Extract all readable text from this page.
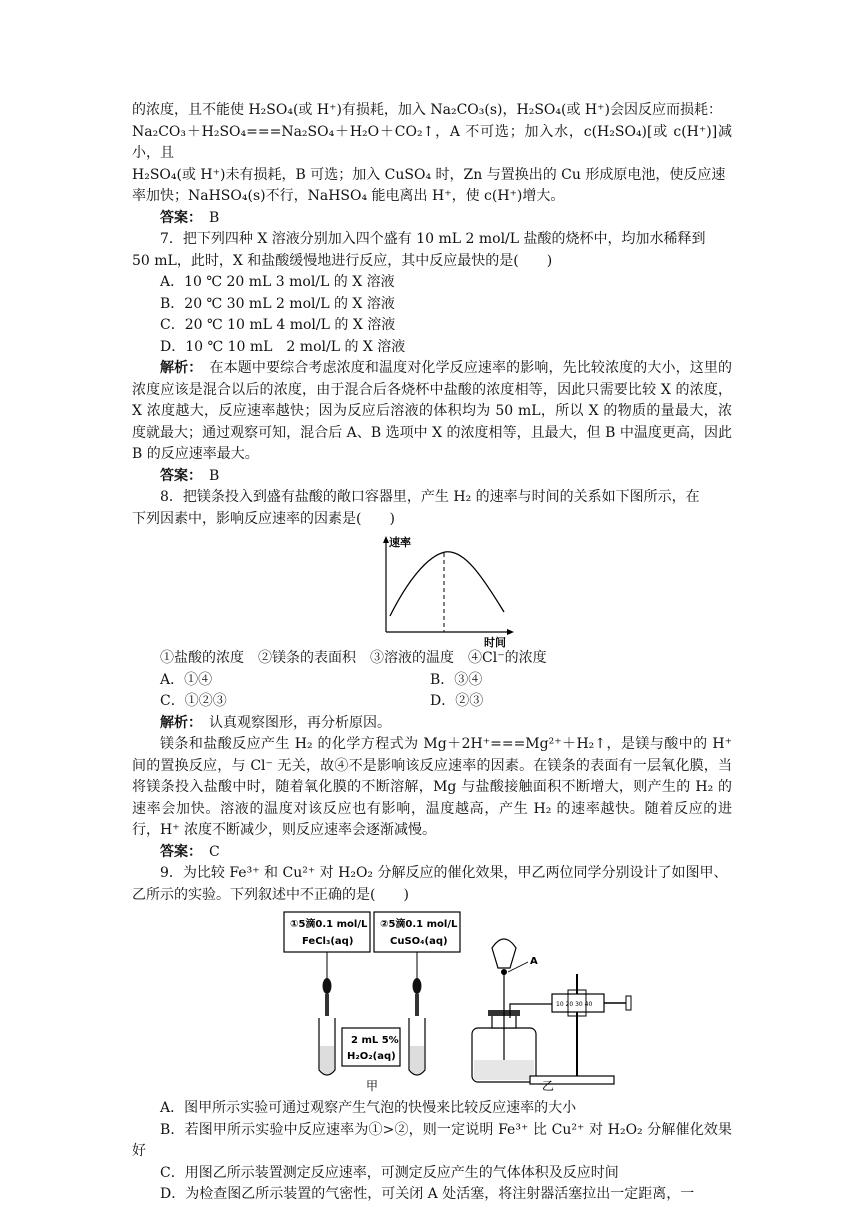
的浓度，且不能使 H₂SO₄(或 H⁺)有损耗，加入 Na₂CO₃(s)，H₂SO₄(或 H⁺)会因反应而损耗：

Na₂CO₃＋H₂SO₄===Na₂SO₄＋H₂O＋CO₂↑，A 不可选；加入水，c(H₂SO₄)[或 c(H⁺)]减小，且

H₂SO₄(或 H⁺)未有损耗，B 可选；加入 CuSO₄ 时，Zn 与置换出的 Cu 形成原电池，使反应速

率加快；NaHSO₄(s)不行，NaHSO₄ 能电离出 H⁺，使 c(H⁺)增大。

答案：　 B

7．把下列四种 X 溶液分别加入四个盛有 10 mL 2 mol/L 盐酸的烧杯中，均加水稀释到

50 mL，此时，X 和盐酸缓慢地进行反应，其中反应最快的是(　　)

A．10 ℃ 20 mL 3 mol/L 的 X 溶液

B．20 ℃ 30 mL 2 mol/L 的 X 溶液

C．20 ℃ 10 mL 4 mol/L 的 X 溶液

D．10 ℃ 10 mL　2 mol/L 的 X 溶液

解析：　 在本题中要综合考虑浓度和温度对化学反应速率的影响，先比较浓度的大小，这里的浓度应该是混合以后的浓度，由于混合后各烧杯中盐酸的浓度相等，因此只需要比较 X 的浓度，X 浓度越大，反应速率越快；因为反应后溶液的体积均为 50 mL，所以 X 的物质的量最大，浓度就最大；通过观察可知，混合后 A、B 选项中 X 的浓度相等，且最大，但 B 中温度更高，因此 B 的反应速率最大。

答案：　 B

8．把镁条投入到盛有盐酸的敞口容器里，产生 H₂ 的速率与时间的关系如下图所示，在

下列因素中，影响反应速率的因素是(　　)

速率
时间

①盐酸的浓度　②镁条的表面积　③溶液的温度　④Cl⁻的浓度

A．①④	B．③④
C．①②③	D．②③

解析：　 认真观察图形，再分析原因。

镁条和盐酸反应产生 H₂ 的化学方程式为 Mg＋2H⁺===Mg²⁺＋H₂↑，是镁与酸中的 H⁺ 间的置换反应，与 Cl⁻ 无关，故④不是影响该反应速率的因素。在镁条的表面有一层氧化膜，当将镁条投入盐酸中时，随着氧化膜的不断溶解，Mg 与盐酸接触面积不断增大，则产生的 H₂ 的速率会加快。溶液的温度对该反应也有影响，温度越高，产生 H₂ 的速率越快。随着反应的进行，H⁺ 浓度不断减少，则反应速率会逐渐减慢。

答案：　 C

9．为比较 Fe³⁺ 和 Cu²⁺ 对 H₂O₂ 分解反应的催化效果，甲乙两位同学分别设计了如图甲、

乙所示的实验。下列叙述中不正确的是(　　)

①5滴0.1 mol/L
FeCl₃(aq)
②5滴0.1 mol/L
CuSO₄(aq)
2 mL 5%
H₂O₂(aq)
甲
A
10 20 30 40
乙

A．图甲所示实验可通过观察产生气泡的快慢来比较反应速率的大小

B．若图甲所示实验中反应速率为①>②，则一定说明 Fe³⁺ 比 Cu²⁺ 对 H₂O₂ 分解催化效果好

C．用图乙所示装置测定反应速率，可测定反应产生的气体体积及反应时间

D．为检查图乙所示装置的气密性，可关闭 A 处活塞，将注射器活塞拉出一定距离，一
